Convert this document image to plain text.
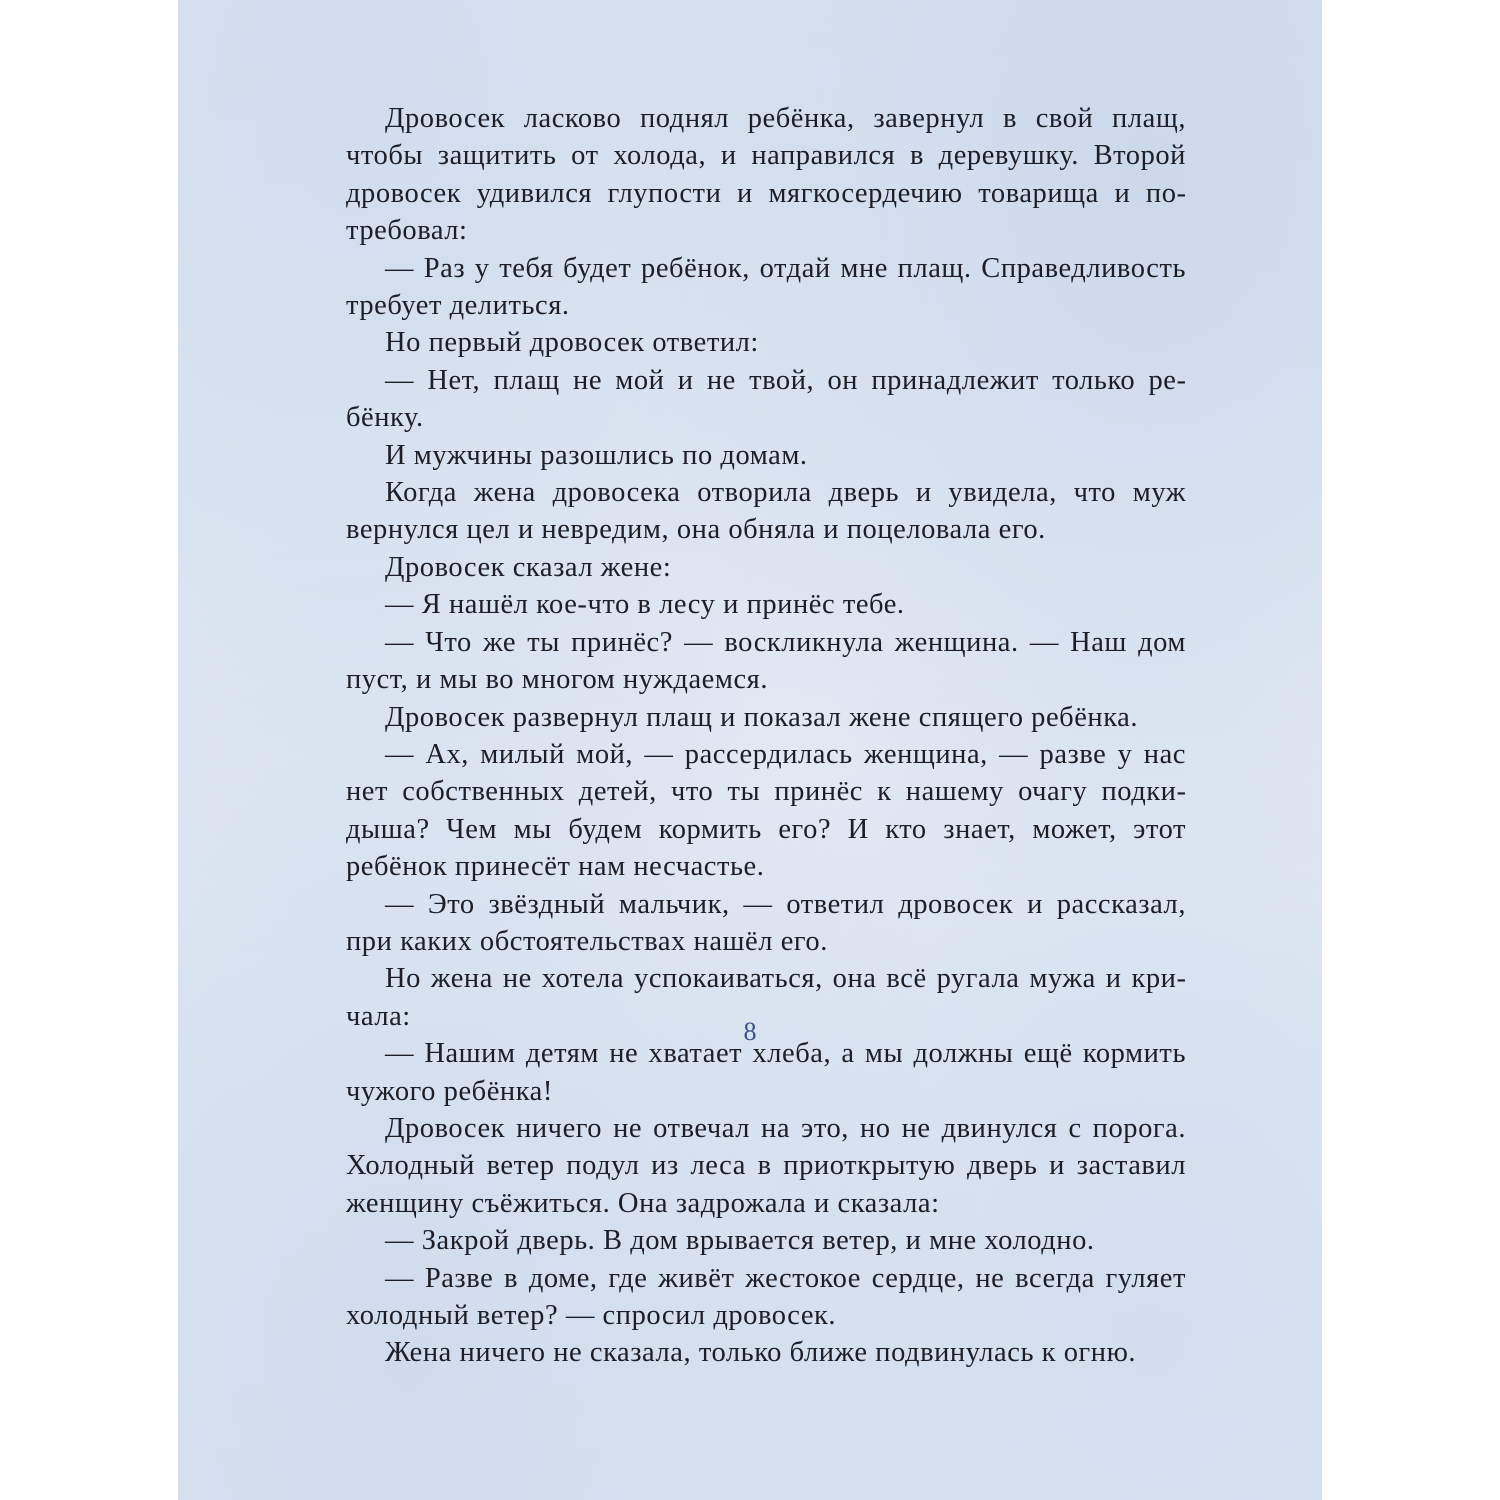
Дровосек ласково поднял ребёнка, завернул в свой плащ, чтобы защитить от холода, и направился в деревушку. Второй дровосек удивился глупости и мягкосердечию товарища и потребовал:

— Раз у тебя будет ребёнок, отдай мне плащ. Справедливость требует делиться.

Но первый дровосек ответил:

— Нет, плащ не мой и не твой, он принадлежит только ребёнку.

И мужчины разошлись по домам.

Когда жена дровосека отворила дверь и увидела, что муж вернулся цел и невредим, она обняла и поцеловала его.

Дровосек сказал жене:

— Я нашёл кое-что в лесу и принёс тебе.

— Что же ты принёс? — воскликнула женщина. — Наш дом пуст, и мы во многом нуждаемся.

Дровосек развернул плащ и показал жене спящего ребёнка.

— Ах, милый мой, — рассердилась женщина, — разве у нас нет собственных детей, что ты принёс к нашему очагу подкидыша? Чем мы будем кормить его? И кто знает, может, этот ребёнок принесёт нам несчастье.

— Это звёздный мальчик, — ответил дровосек и рассказал, при каких обстоятельствах нашёл его.

Но жена не хотела успокаиваться, она всё ругала мужа и кричала:

— Нашим детям не хватает хлеба, а мы должны ещё кормить чужого ребёнка!

Дровосек ничего не отвечал на это, но не двинулся с порога. Холодный ветер подул из леса в приоткрытую дверь и заставил женщину съёжиться. Она задрожала и сказала:

— Закрой дверь. В дом врывается ветер, и мне холодно.

— Разве в доме, где живёт жестокое сердце, не всегда гуляет холодный ветер? — спросил дровосек.

Жена ничего не сказала, только ближе подвинулась к огню.

8
